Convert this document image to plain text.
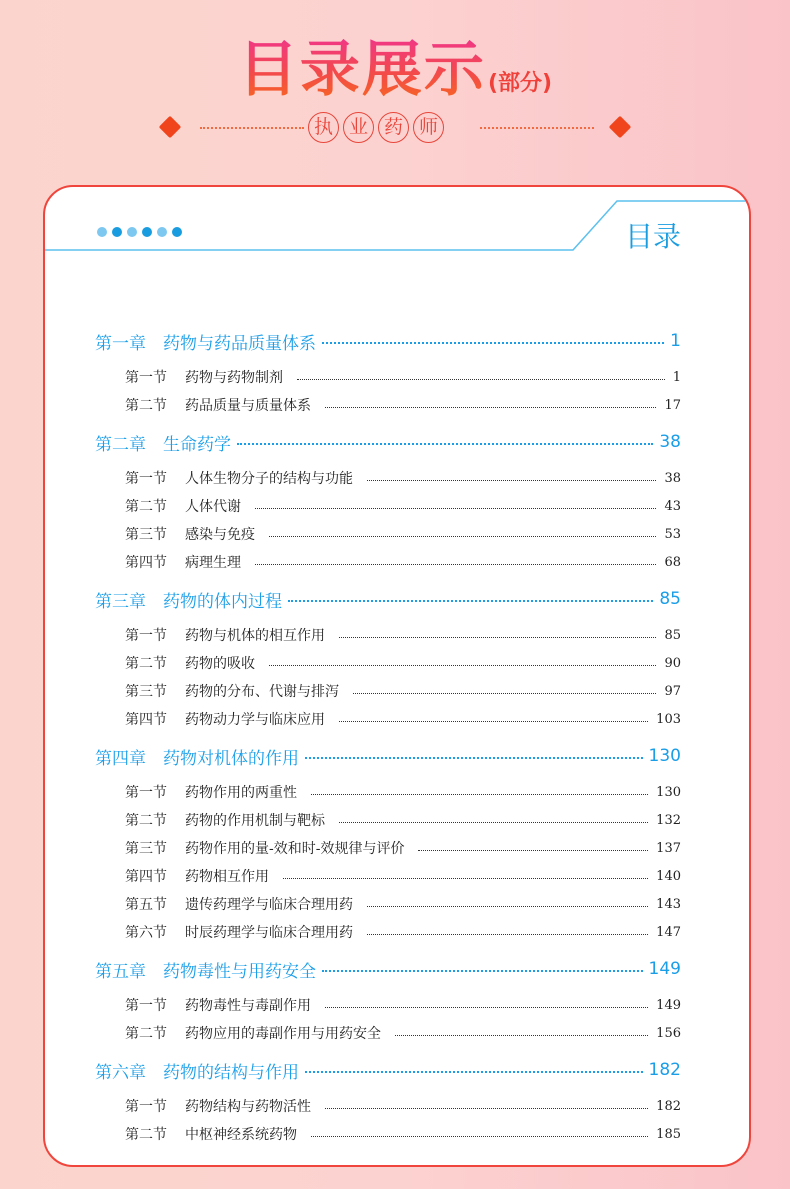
目录展示(部分)
执 业 药 师
目录
第一章	药物与药品质量体系	1
第一节	药物与药物制剂	1
第二节	药品质量与质量体系	17
第二章	生命药学	38
第一节	人体生物分子的结构与功能	38
第二节	人体代谢	43
第三节	感染与免疫	53
第四节	病理生理	68
第三章	药物的体内过程	85
第一节	药物与机体的相互作用	85
第二节	药物的吸收	90
第三节	药物的分布、代谢与排泻	97
第四节	药物动力学与临床应用	103
第四章	药物对机体的作用	130
第一节	药物作用的两重性	130
第二节	药物的作用机制与靶标	132
第三节	药物作用的量-效和时-效规律与评价	137
第四节	药物相互作用	140
第五节	遗传药理学与临床合理用药	143
第六节	时辰药理学与临床合理用药	147
第五章	药物毒性与用药安全	149
第一节	药物毒性与毒副作用	149
第二节	药物应用的毒副作用与用药安全	156
第六章	药物的结构与作用	182
第一节	药物结构与药物活性	182
第二节	中枢神经系统药物	185
